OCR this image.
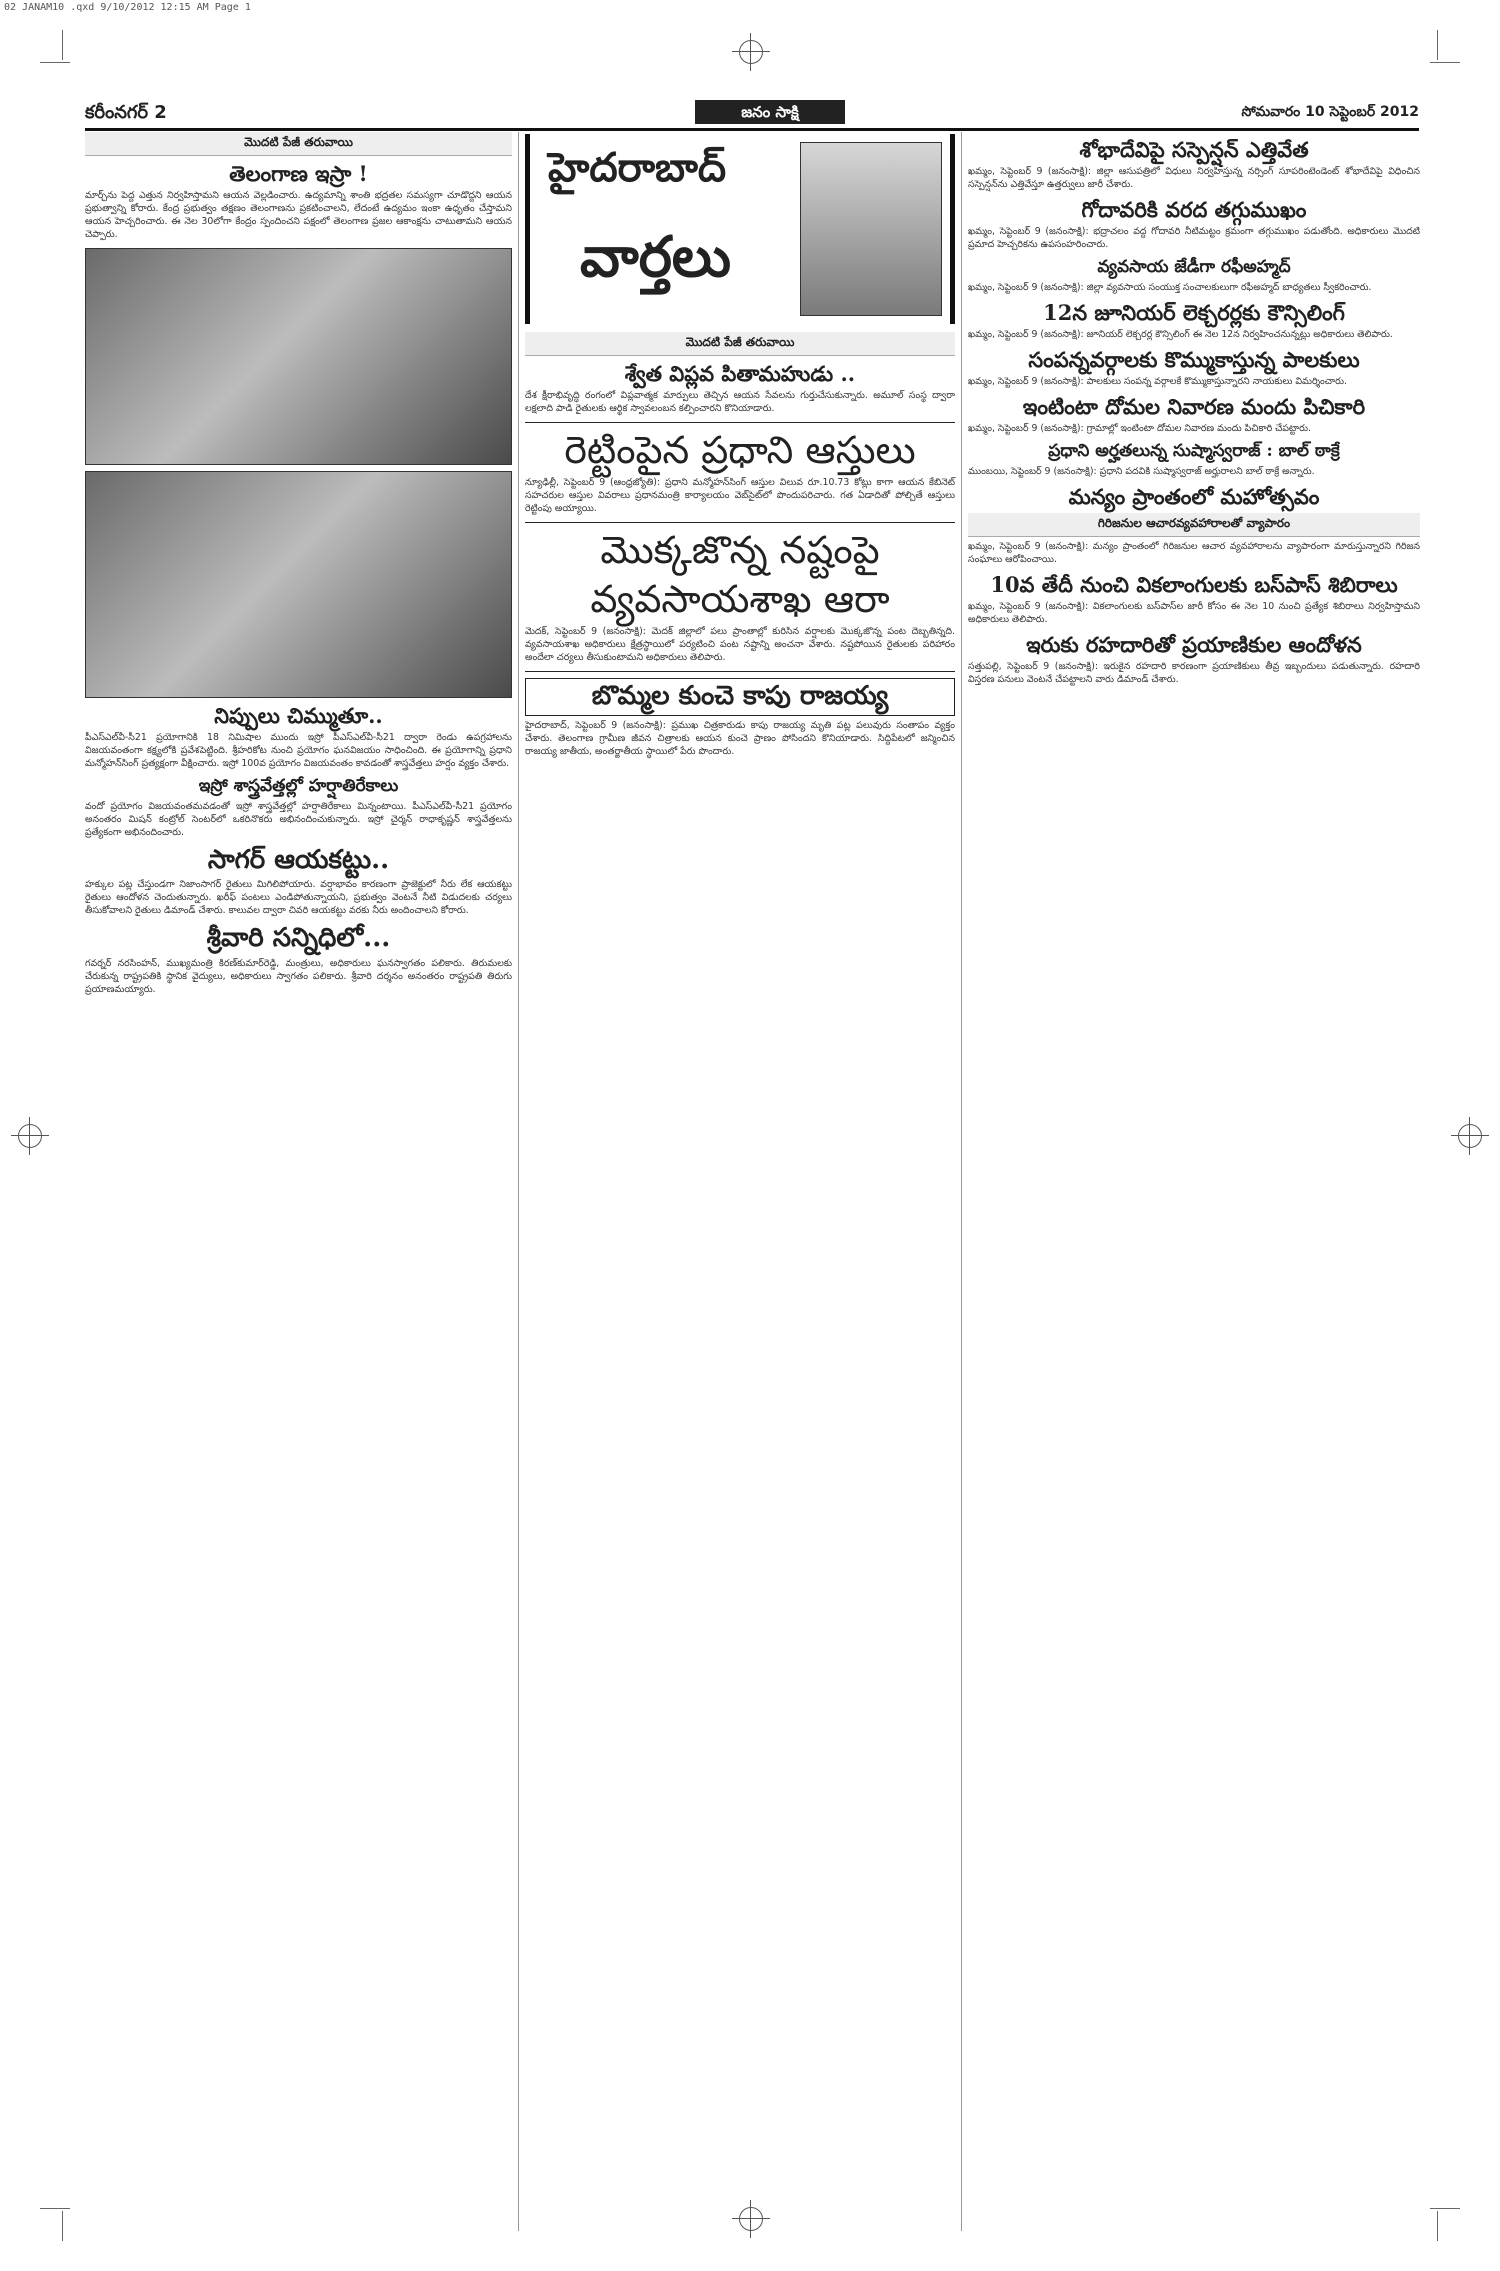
02 JANAM10 .qxd 9/10/2012 12:15 AM Page 1
కరీంనగర్ 2	జనం సాక్షి	సోమవారం 10 సెప్టెంబర్ 2012
మొదటి పేజీ తరువాయి
తెలంగాణ ఇస్రా !

మార్చ్‌ను పెద్ద ఎత్తున నిర్వహిస్తామని ఆయన వెల్లడించారు. ఉద్యమాన్ని శాంతి భద్రతల సమస్యగా చూడొద్దని ఆయన ప్రభుత్వాన్ని కోరారు. కేంద్ర ప్రభుత్వం తక్షణం తెలంగాణను ప్రకటించాలని, లేదంటే ఉద్యమం ఇంకా ఉధృతం చేస్తామని ఆయన హెచ్చరించారు. ఈ నెల 30లోగా కేంద్రం స్పందించని పక్షంలో తెలంగాణ ప్రజల ఆకాంక్షను చాటుతామని ఆయన చెప్పారు.

నిప్పులు చిమ్ముతూ..

పీఎస్‌ఎల్‌వీ-సీ21 ప్రయోగానికి 18 నిమిషాల ముందు ఇస్రో పీఎస్‌ఎల్‌వీ-సీ21 ద్వారా రెండు ఉపగ్రహాలను విజయవంతంగా కక్ష్యలోకి ప్రవేశపెట్టింది. శ్రీహరికోట నుంచి ప్రయోగం ఘనవిజయం సాధించింది. ఈ ప్రయోగాన్ని ప్రధాని మన్మోహన్‌సింగ్ ప్రత్యక్షంగా వీక్షించారు. ఇస్రో 100వ ప్రయోగం విజయవంతం కావడంతో శాస్త్రవేత్తలు హర్షం వ్యక్తం చేశారు.

ఇస్రో శాస్త్రవేత్తల్లో హర్షాతిరేకాలు

వందో ప్రయోగం విజయవంతమవడంతో ఇస్రో శాస్త్రవేత్తల్లో హర్షాతిరేకాలు మిన్నంటాయి. పీఎస్‌ఎల్‌వీ-సీ21 ప్రయోగం అనంతరం మిషన్ కంట్రోల్ సెంటర్‌లో ఒకరినొకరు అభినందించుకున్నారు. ఇస్రో చైర్మన్ రాధాకృష్ణన్ శాస్త్రవేత్తలను ప్రత్యేకంగా అభినందించారు.

సాగర్ ఆయకట్టు..

హక్కుల పట్ల చేస్తుండగా నిజాంసాగర్ రైతులు మిగిలిపోయారు. వర్షాభావం కారణంగా ప్రాజెక్టులో నీరు లేక ఆయకట్టు రైతులు ఆందోళన చెందుతున్నారు. ఖరీఫ్ పంటలు ఎండిపోతున్నాయని, ప్రభుత్వం వెంటనే నీటి విడుదలకు చర్యలు తీసుకోవాలని రైతులు డిమాండ్ చేశారు. కాలువల ద్వారా చివరి ఆయకట్టు వరకు నీరు అందించాలని కోరారు.

శ్రీవారి సన్నిధిలో...

గవర్నర్ నరసింహన్, ముఖ్యమంత్రి కిరణ్‌కుమార్‌రెడ్డి, మంత్రులు, అధికారులు ఘనస్వాగతం పలికారు. తిరుమలకు చేరుకున్న రాష్ట్రపతికి స్థానిక వైద్యులు, అధికారులు స్వాగతం పలికారు. శ్రీవారి దర్శనం అనంతరం రాష్ట్రపతి తిరుగు ప్రయాణమయ్యారు.

హైదరాబాద్
వార్తలు
మొదటి పేజీ తరువాయి
శ్వేత విప్లవ పితామహుడు ..

దేశ క్షీరాభివృద్ధి రంగంలో విప్లవాత్మక మార్పులు తెచ్చిన ఆయన సేవలను గుర్తుచేసుకున్నారు. అమూల్ సంస్థ ద్వారా లక్షలాది పాడి రైతులకు ఆర్థిక స్వావలంబన కల్పించారని కొనియాడారు.

రెట్టింపైన ప్రధాని ఆస్తులు

న్యూఢిల్లీ, సెప్టెంబర్ 9 (ఆంధ్రజ్యోతి): ప్రధాని మన్మోహన్‌సింగ్ ఆస్తుల విలువ రూ.10.73 కోట్లు కాగా ఆయన కేబినెట్ సహచరుల ఆస్తుల వివరాలు ప్రధానమంత్రి కార్యాలయం వెబ్‌సైట్‌లో పొందుపరిచారు. గత ఏడాదితో పోల్చితే ఆస్తులు రెట్టింపు అయ్యాయి.

మొక్కజొన్న నష్టంపై
వ్యవసాయశాఖ ఆరా

మెదక్, సెప్టెంబర్ 9 (జనంసాక్షి): మెదక్ జిల్లాలో పలు ప్రాంతాల్లో కురిసిన వర్షాలకు మొక్కజొన్న పంట దెబ్బతిన్నది. వ్యవసాయశాఖ అధికారులు క్షేత్రస్థాయిలో పర్యటించి పంట నష్టాన్ని అంచనా వేశారు. నష్టపోయిన రైతులకు పరిహారం అందేలా చర్యలు తీసుకుంటామని అధికారులు తెలిపారు.

బొమ్మల కుంచె కాపు రాజయ్య

హైదరాబాద్, సెప్టెంబర్ 9 (జనంసాక్షి): ప్రముఖ చిత్రకారుడు కాపు రాజయ్య మృతి పట్ల పలువురు సంతాపం వ్యక్తం చేశారు. తెలంగాణ గ్రామీణ జీవన చిత్రాలకు ఆయన కుంచె ప్రాణం పోసిందని కొనియాడారు. సిద్దిపేటలో జన్మించిన రాజయ్య జాతీయ, అంతర్జాతీయ స్థాయిలో పేరు పొందారు.

శోభాదేవిపై సస్పెన్షన్ ఎత్తివేత

ఖమ్మం, సెప్టెంబర్ 9 (జనంసాక్షి): జిల్లా ఆసుపత్రిలో విధులు నిర్వహిస్తున్న నర్సింగ్ సూపరింటెండెంట్ శోభాదేవిపై విధించిన సస్పెన్షన్‌ను ఎత్తివేస్తూ ఉత్తర్వులు జారీ చేశారు.

గోదావరికి వరద తగ్గుముఖం

ఖమ్మం, సెప్టెంబర్ 9 (జనంసాక్షి): భద్రాచలం వద్ద గోదావరి నీటిమట్టం క్రమంగా తగ్గుముఖం పడుతోంది. అధికారులు మొదటి ప్రమాద హెచ్చరికను ఉపసంహరించారు.

వ్యవసాయ జేడీగా రఫీఅహ్మద్

ఖమ్మం, సెప్టెంబర్ 9 (జనంసాక్షి): జిల్లా వ్యవసాయ సంయుక్త సంచాలకులుగా రఫీఅహ్మద్ బాధ్యతలు స్వీకరించారు.

12న జూనియర్ లెక్చరర్లకు కౌన్సిలింగ్

ఖమ్మం, సెప్టెంబర్ 9 (జనంసాక్షి): జూనియర్ లెక్చరర్ల కౌన్సిలింగ్ ఈ నెల 12న నిర్వహించనున్నట్లు అధికారులు తెలిపారు.

సంపన్నవర్గాలకు కొమ్ముకాస్తున్న పాలకులు

ఖమ్మం, సెప్టెంబర్ 9 (జనంసాక్షి): పాలకులు సంపన్న వర్గాలకే కొమ్ముకాస్తున్నారని నాయకులు విమర్శించారు.

ఇంటింటా దోమల నివారణ మందు పిచికారి

ఖమ్మం, సెప్టెంబర్ 9 (జనంసాక్షి): గ్రామాల్లో ఇంటింటా దోమల నివారణ మందు పిచికారి చేపట్టారు.

ప్రధాని అర్హతలున్న సుష్మాస్వరాజ్ : బాల్ ఠాక్రే

ముంబయి, సెప్టెంబర్ 9 (జనంసాక్షి): ప్రధాని పదవికి సుష్మాస్వరాజ్ అర్హురాలని బాల్ ఠాక్రే అన్నారు.

మన్యం ప్రాంతంలో మహోత్సవం
గిరిజనుల ఆచారవ్యవహారాలతో వ్యాపారం

ఖమ్మం, సెప్టెంబర్ 9 (జనంసాక్షి): మన్యం ప్రాంతంలో గిరిజనుల ఆచార వ్యవహారాలను వ్యాపారంగా మారుస్తున్నారని గిరిజన సంఘాలు ఆరోపించాయి.

10వ తేదీ నుంచి వికలాంగులకు బస్‌పాస్ శిబిరాలు

ఖమ్మం, సెప్టెంబర్ 9 (జనంసాక్షి): వికలాంగులకు బస్‌పాస్‌ల జారీ కోసం ఈ నెల 10 నుంచి ప్రత్యేక శిబిరాలు నిర్వహిస్తామని అధికారులు తెలిపారు.

ఇరుకు రహదారితో ప్రయాణికుల ఆందోళన

సత్తుపల్లి, సెప్టెంబర్ 9 (జనంసాక్షి): ఇరుకైన రహదారి కారణంగా ప్రయాణికులు తీవ్ర ఇబ్బందులు పడుతున్నారు. రహదారి విస్తరణ పనులు వెంటనే చేపట్టాలని వారు డిమాండ్ చేశారు.
